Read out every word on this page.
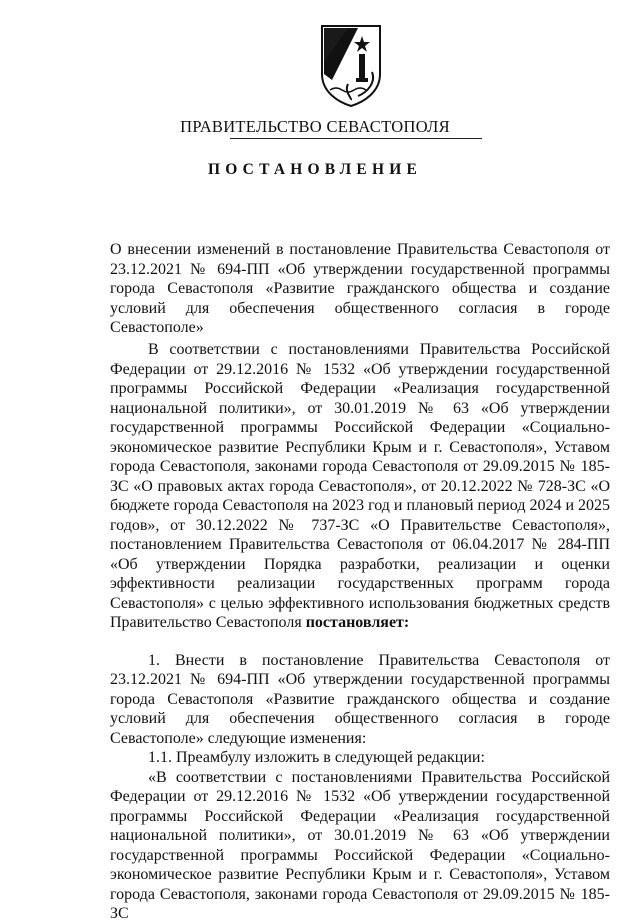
ПРАВИТЕЛЬСТВО СЕВАСТОПОЛЯ
ПОСТАНОВЛЕНИЕ
О внесении изменений в постановление Правительства Севастополя от 23.12.2021 № 694-ПП «Об утверждении государственной программы города Севастополя «Развитие гражданского общества и создание условий для обеспечения общественного согласия в городе Севастополе»

В соответствии с постановлениями Правительства Российской Федерации от 29.12.2016 № 1532 «Об утверждении государственной программы Российской Федерации «Реализация государственной национальной политики», от 30.01.2019 № 63 «Об утверждении государственной программы Российской Федерации «Социально-экономическое развитие Республики Крым и г. Севастополя», Уставом города Севастополя, законами города Севастополя от 29.09.2015 № 185-ЗС «О правовых актах города Севастополя», от 20.12.2022 № 728-ЗС «О бюджете города Севастополя на 2023 год и плановый период 2024 и 2025 годов», от 30.12.2022 № 737-ЗС «О Правительстве Севастополя», постановлением Правительства Севастополя от 06.04.2017 № 284-ПП «Об утверждении Порядка разработки, реализации и оценки эффективности реализации государственных программ города Севастополя» с целью эффективного использования бюджетных средств Правительство Севастополя постановляет:

1. Внести в постановление Правительства Севастополя от 23.12.2021 № 694-ПП «Об утверждении государственной программы города Севастополя «Развитие гражданского общества и создание условий для обеспечения общественного согласия в городе Севастополе» следующие изменения:

1.1. Преамбулу изложить в следующей редакции:

«В соответствии с постановлениями Правительства Российской Федерации от 29.12.2016 № 1532 «Об утверждении государственной программы Российской Федерации «Реализация государственной национальной политики», от 30.01.2019 № 63 «Об утверждении государственной программы Российской Федерации «Социально-экономическое развитие Республики Крым и г. Севастополя», Уставом города Севастополя, законами города Севастополя от 29.09.2015 № 185-ЗС
